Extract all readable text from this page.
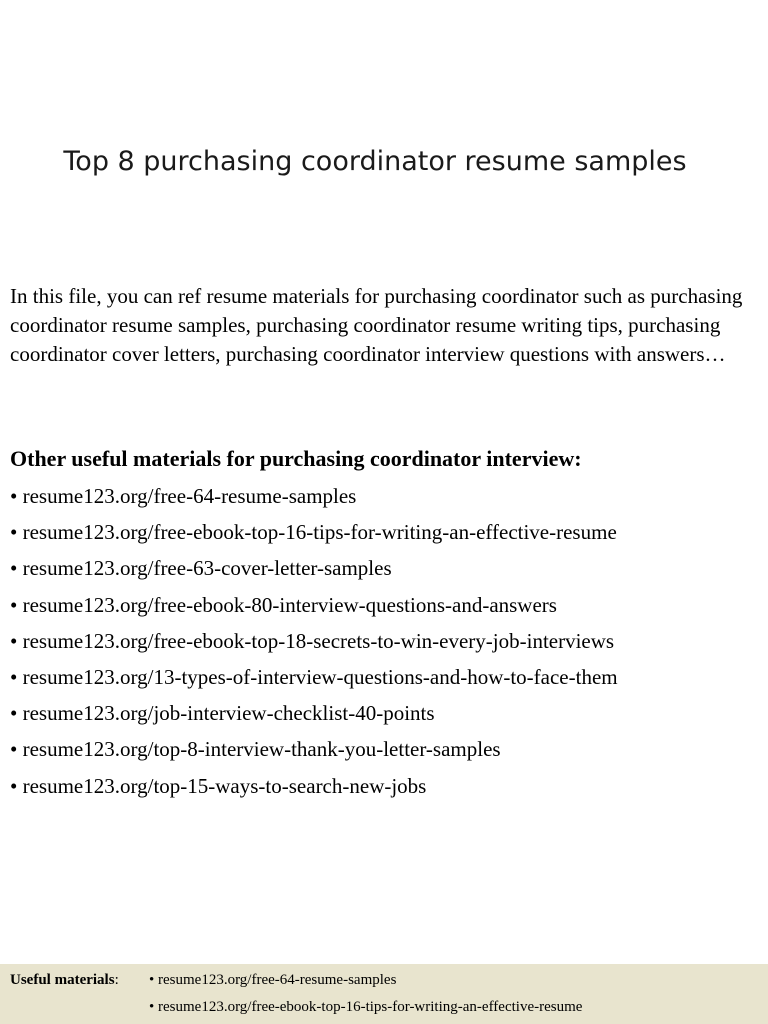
Top 8 purchasing coordinator resume samples

In this file, you can ref resume materials for purchasing coordinator such as purchasing coordinator resume samples, purchasing coordinator resume writing tips, purchasing coordinator cover letters, purchasing coordinator interview questions with answers…

Other useful materials for purchasing coordinator interview:
• resume123.org/free-64-resume-samples
• resume123.org/free-ebook-top-16-tips-for-writing-an-effective-resume
• resume123.org/free-63-cover-letter-samples
• resume123.org/free-ebook-80-interview-questions-and-answers
• resume123.org/free-ebook-top-18-secrets-to-win-every-job-interviews
• resume123.org/13-types-of-interview-questions-and-how-to-face-them
• resume123.org/job-interview-checklist-40-points
• resume123.org/top-8-interview-thank-you-letter-samples
• resume123.org/top-15-ways-to-search-new-jobs
Useful materials:
•	resume123.org/free-64-resume-samples
• resume123.org/free-ebook-top-16-tips-for-writing-an-effective-resume
